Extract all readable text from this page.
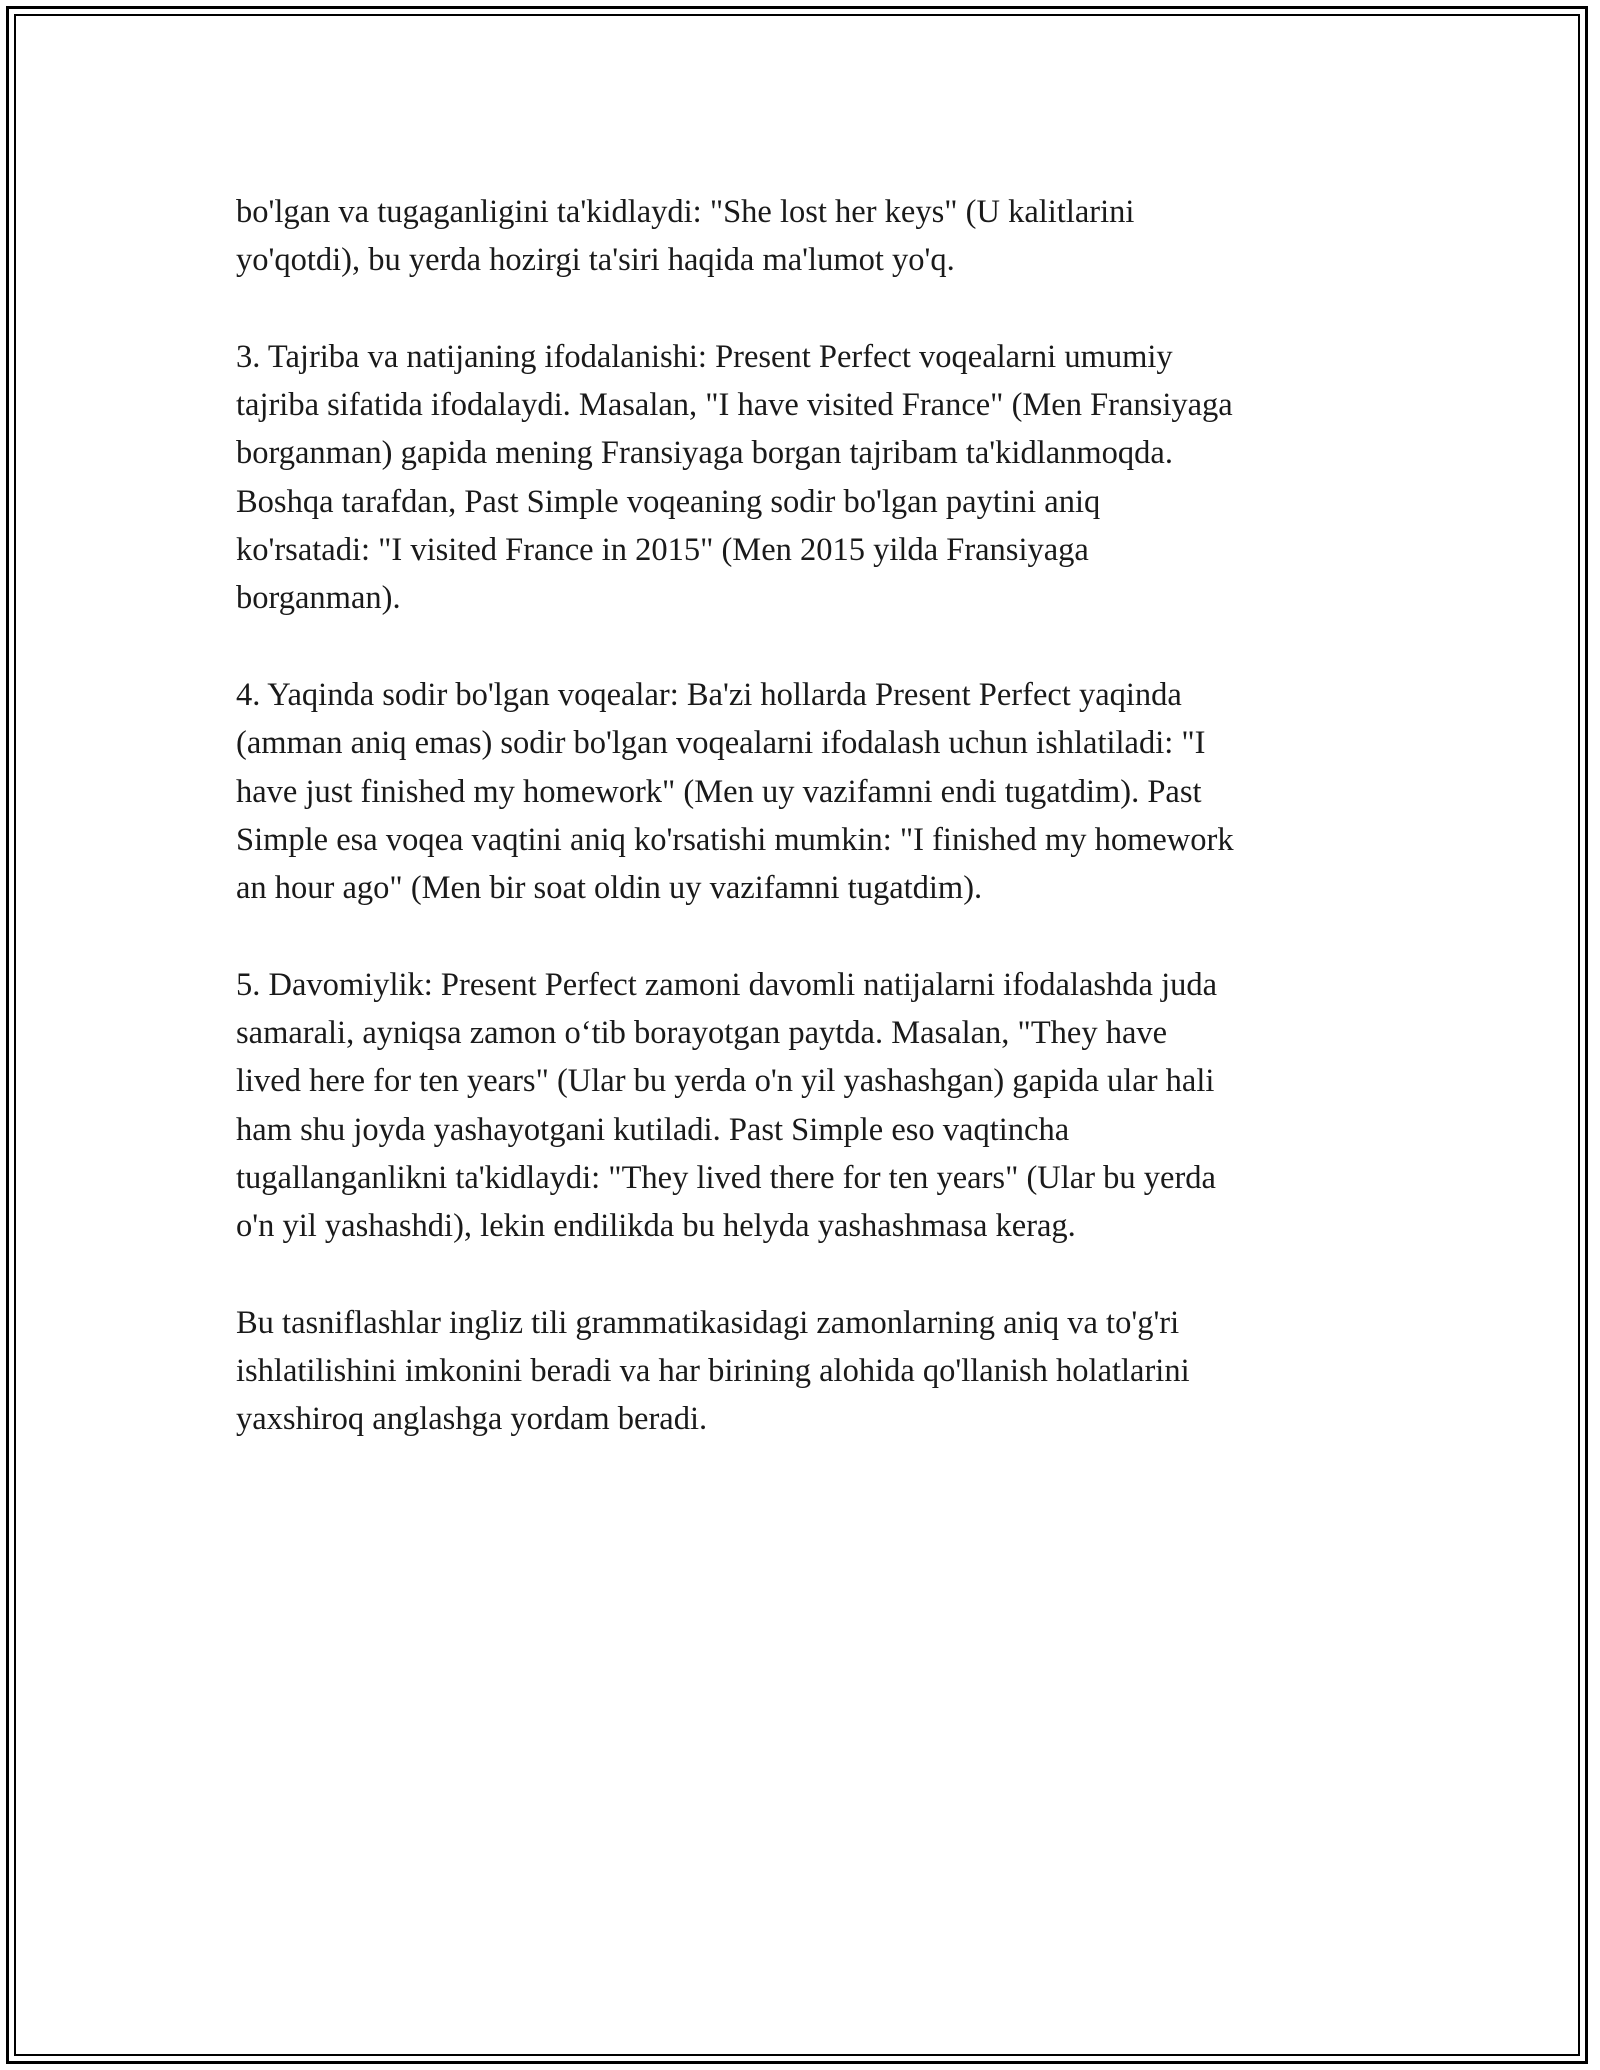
bo'lgan va tugaganligini ta'kidlaydi: "She lost her keys" (U kalitlarini
yo'qotdi), bu yerda hozirgi ta'siri haqida ma'lumot yo'q.

3. Tajriba va natijaning ifodalanishi: Present Perfect voqealarni umumiy
tajriba sifatida ifodalaydi. Masalan, "I have visited France" (Men Fransiyaga
borganman) gapida mening Fransiyaga borgan tajribam ta'kidlanmoqda.
Boshqa tarafdan, Past Simple voqeaning sodir bo'lgan paytini aniq
ko'rsatadi: "I visited France in 2015" (Men 2015 yilda Fransiyaga
borganman).

4. Yaqinda sodir bo'lgan voqealar: Ba'zi hollarda Present Perfect yaqinda
(amman aniq emas) sodir bo'lgan voqealarni ifodalash uchun ishlatiladi: "I
have just finished my homework" (Men uy vazifamni endi tugatdim). Past
Simple esa voqea vaqtini aniq ko'rsatishi mumkin: "I finished my homework
an hour ago" (Men bir soat oldin uy vazifamni tugatdim).

5. Davomiylik: Present Perfect zamoni davomli natijalarni ifodalashda juda
samarali, ayniqsa zamon o‘tib borayotgan paytda. Masalan, "They have
lived here for ten years" (Ular bu yerda o'n yil yashashgan) gapida ular hali
ham shu joyda yashayotgani kutiladi. Past Simple eso vaqtincha
tugallanganlikni ta'kidlaydi: "They lived there for ten years" (Ular bu yerda
o'n yil yashashdi), lekin endilikda bu helyda yashashmasa kerag.

Bu tasniflashlar ingliz tili grammatikasidagi zamonlarning aniq va to'g'ri
ishlatilishini imkonini beradi va har birining alohida qo'llanish holatlarini
yaxshiroq anglashga yordam beradi.
